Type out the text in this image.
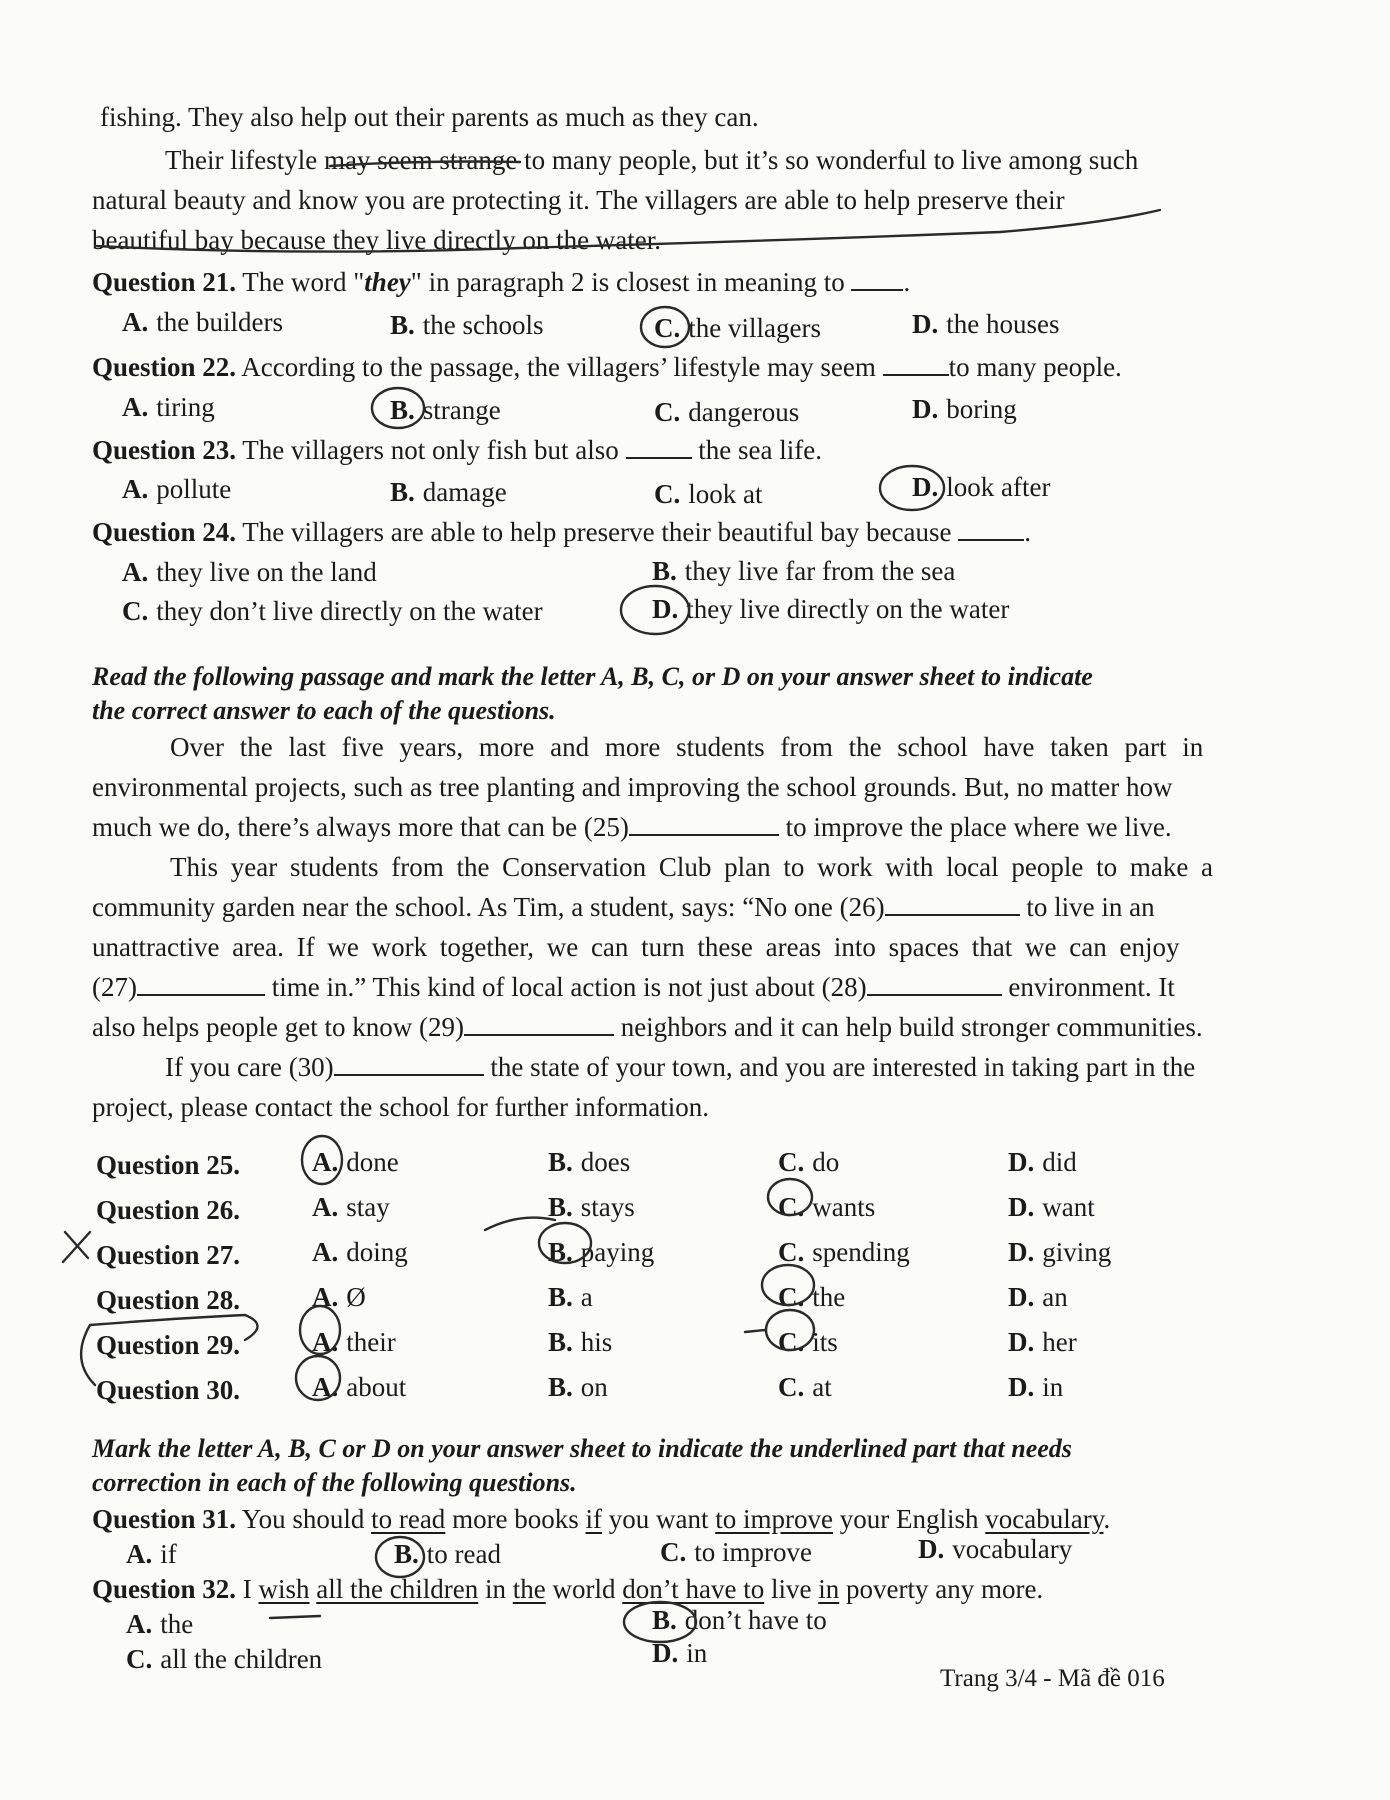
fishing. They also help out their parents as much as they can.
Their lifestyle may seem strange to many people, but it’s so wonderful to live among such
natural beauty and know you are protecting it. The villagers are able to help preserve their
beautiful bay because they live directly on the water.
Question 21. The word "they" in paragraph 2 is closest in meaning to .
A. the builders	B. the schools	C. the villagers	D. the houses
Question 22. According to the passage, the villagers’ lifestyle may seem	to many people.
A. tiring	B. strange	C. dangerous	D. boring
Question 23. The villagers not only fish but also	the sea life.
A. pollute	B. damage	C. look at	D. look after
Question 24. The villagers are able to help preserve their beautiful bay because	.
A. they live on the land	B. they live far from the sea
C. they don’t live directly on the water	D. they live directly on the water
Read the following passage and mark the letter A, B, C, or D on your answer sheet to indicate
the correct answer to each of the questions.
Over the last five years, more and more students from the school have taken part in
environmental projects, such as tree planting and improving the school grounds. But, no matter how
much we do, there’s always more that can be (25)	to improve the place where we live.
This year students from the Conservation Club plan to work with local people to make a
community garden near the school. As Tim, a student, says: “No one (26)	to live in an
unattractive area. If we work together, we can turn these areas into spaces that we can enjoy
(27)	time in.” This kind of local action is not just about (28)	environment. It
also helps people get to know (29)	neighbors and it can help build stronger communities.
If you care (30)	the state of your town, and you are interested in taking part in the
project, please contact the school for further information.
Question 25.	A. done	B. does	C. do	D. did
Question 26.	A. stay	B. stays	C. wants	D. want
Question 27.	A. doing	B. paying	C. spending	D. giving
Question 28.	A. Ø	B. a	C. the	D. an
Question 29.	A. their	B. his	C. its	D. her
Question 30.	A. about	B. on	C. at	D. in
Mark the letter A, B, C or D on your answer sheet to indicate the underlined part that needs
correction in each of the following questions.
Question 31. You should to read more books if you want to improve your English vocabulary.
A. if	B. to read	C. to improve	D. vocabulary
Question 32. I wish all the children in the world don’t have to live in poverty any more.
A. the	B. don’t have to
C. all the children	D. in
Trang 3/4 - Mã đề 016
